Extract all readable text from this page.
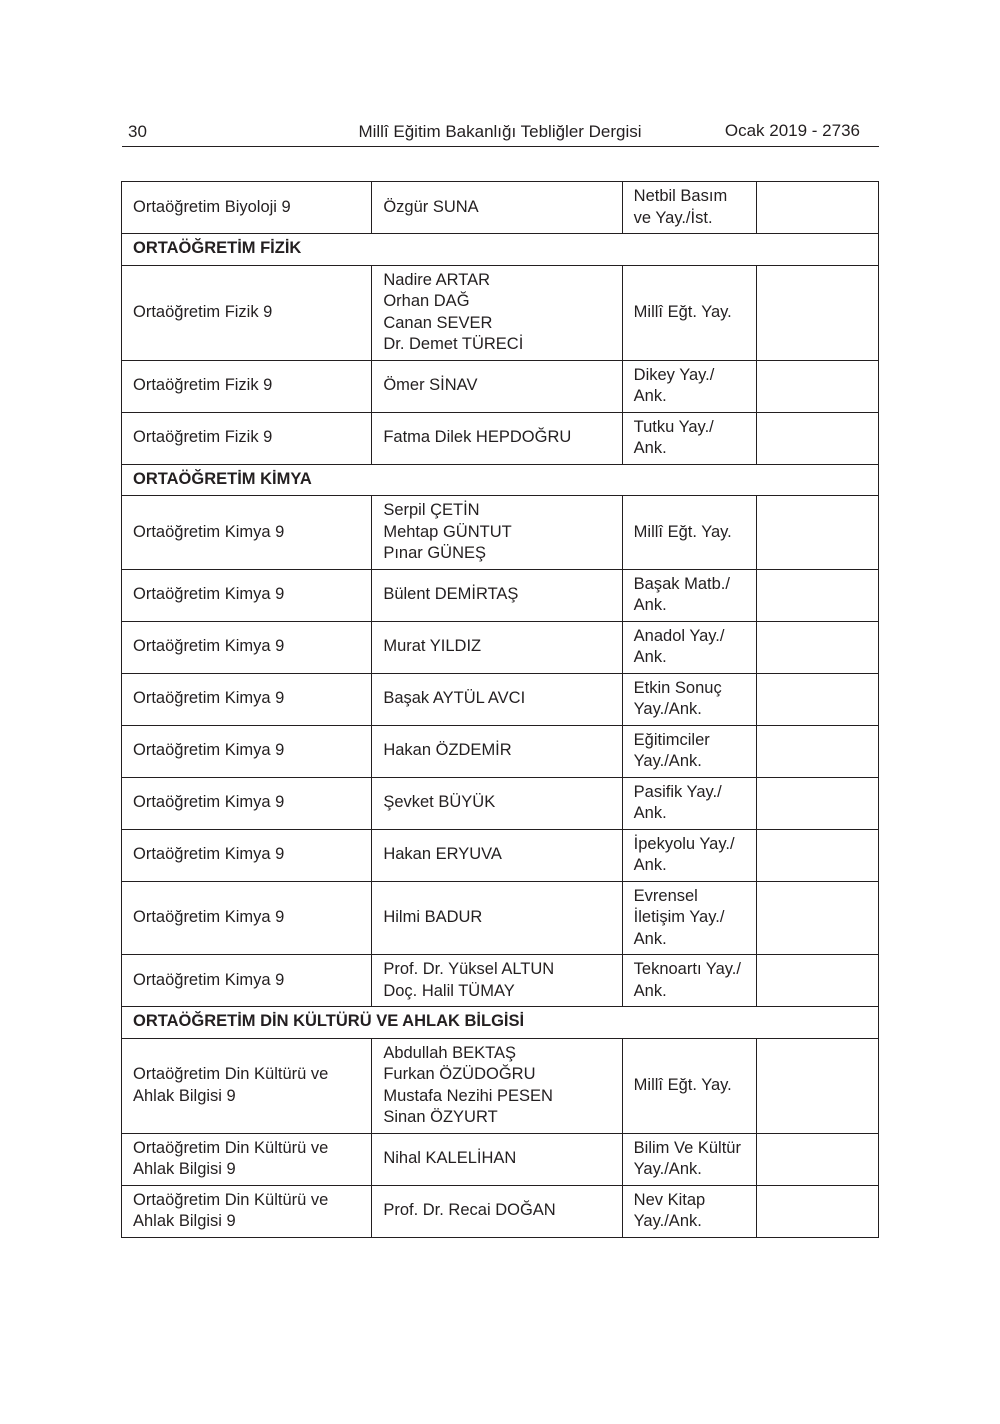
30	Millî Eğitim Bakanlığı Tebliğler Dergisi	Ocak 2019 - 2736
Ortaöğretim Biyoloji 9	Özgür SUNA	Netbil Basım
ve Yay./İst.	

ORTAÖĞRETİM FİZİK			

Ortaöğretim Fizik 9	Nadire ARTAR
Orhan DAĞ
Canan SEVER
Dr. Demet TÜRECİ	Millî Eğt. Yay.	

Ortaöğretim Fizik 9	Ömer SİNAV	Dikey Yay./
Ank.	

Ortaöğretim Fizik 9	Fatma Dilek HEPDOĞRU	Tutku Yay./
Ank.	

ORTAÖĞRETİM KİMYA			

Ortaöğretim Kimya 9	Serpil ÇETİN
Mehtap GÜNTUT
Pınar GÜNEŞ	Millî Eğt. Yay.	

Ortaöğretim Kimya 9	Bülent DEMİRTAŞ	Başak Matb./
Ank.	

Ortaöğretim Kimya 9	Murat YILDIZ	Anadol Yay./
Ank.	

Ortaöğretim Kimya 9	Başak AYTÜL AVCI	Etkin Sonuç
Yay./Ank.	

Ortaöğretim Kimya 9	Hakan ÖZDEMİR	Eğitimciler
Yay./Ank.	

Ortaöğretim Kimya 9	Şevket BÜYÜK	Pasifik Yay./
Ank.	

Ortaöğretim Kimya 9	Hakan ERYUVA	İpekyolu Yay./
Ank.	

Ortaöğretim Kimya 9	Hilmi BADUR	Evrensel
İletişim Yay./
Ank.	

Ortaöğretim Kimya 9	Prof. Dr. Yüksel ALTUN
Doç. Halil TÜMAY	Teknoartı Yay./
Ank.	

ORTAÖĞRETİM DİN KÜLTÜRÜ VE AHLAK BİLGİSİ			

Ortaöğretim Din Kültürü ve
Ahlak Bilgisi 9	Abdullah BEKTAŞ
Furkan ÖZÜDOĞRU
Mustafa Nezihi PESEN
Sinan ÖZYURT	Millî Eğt. Yay.	

Ortaöğretim Din Kültürü ve
Ahlak Bilgisi 9	Nihal KALELİHAN	Bilim Ve Kültür
Yay./Ank.	

Ortaöğretim Din Kültürü ve
Ahlak Bilgisi 9	Prof. Dr. Recai DOĞAN	Nev Kitap
Yay./Ank.	
